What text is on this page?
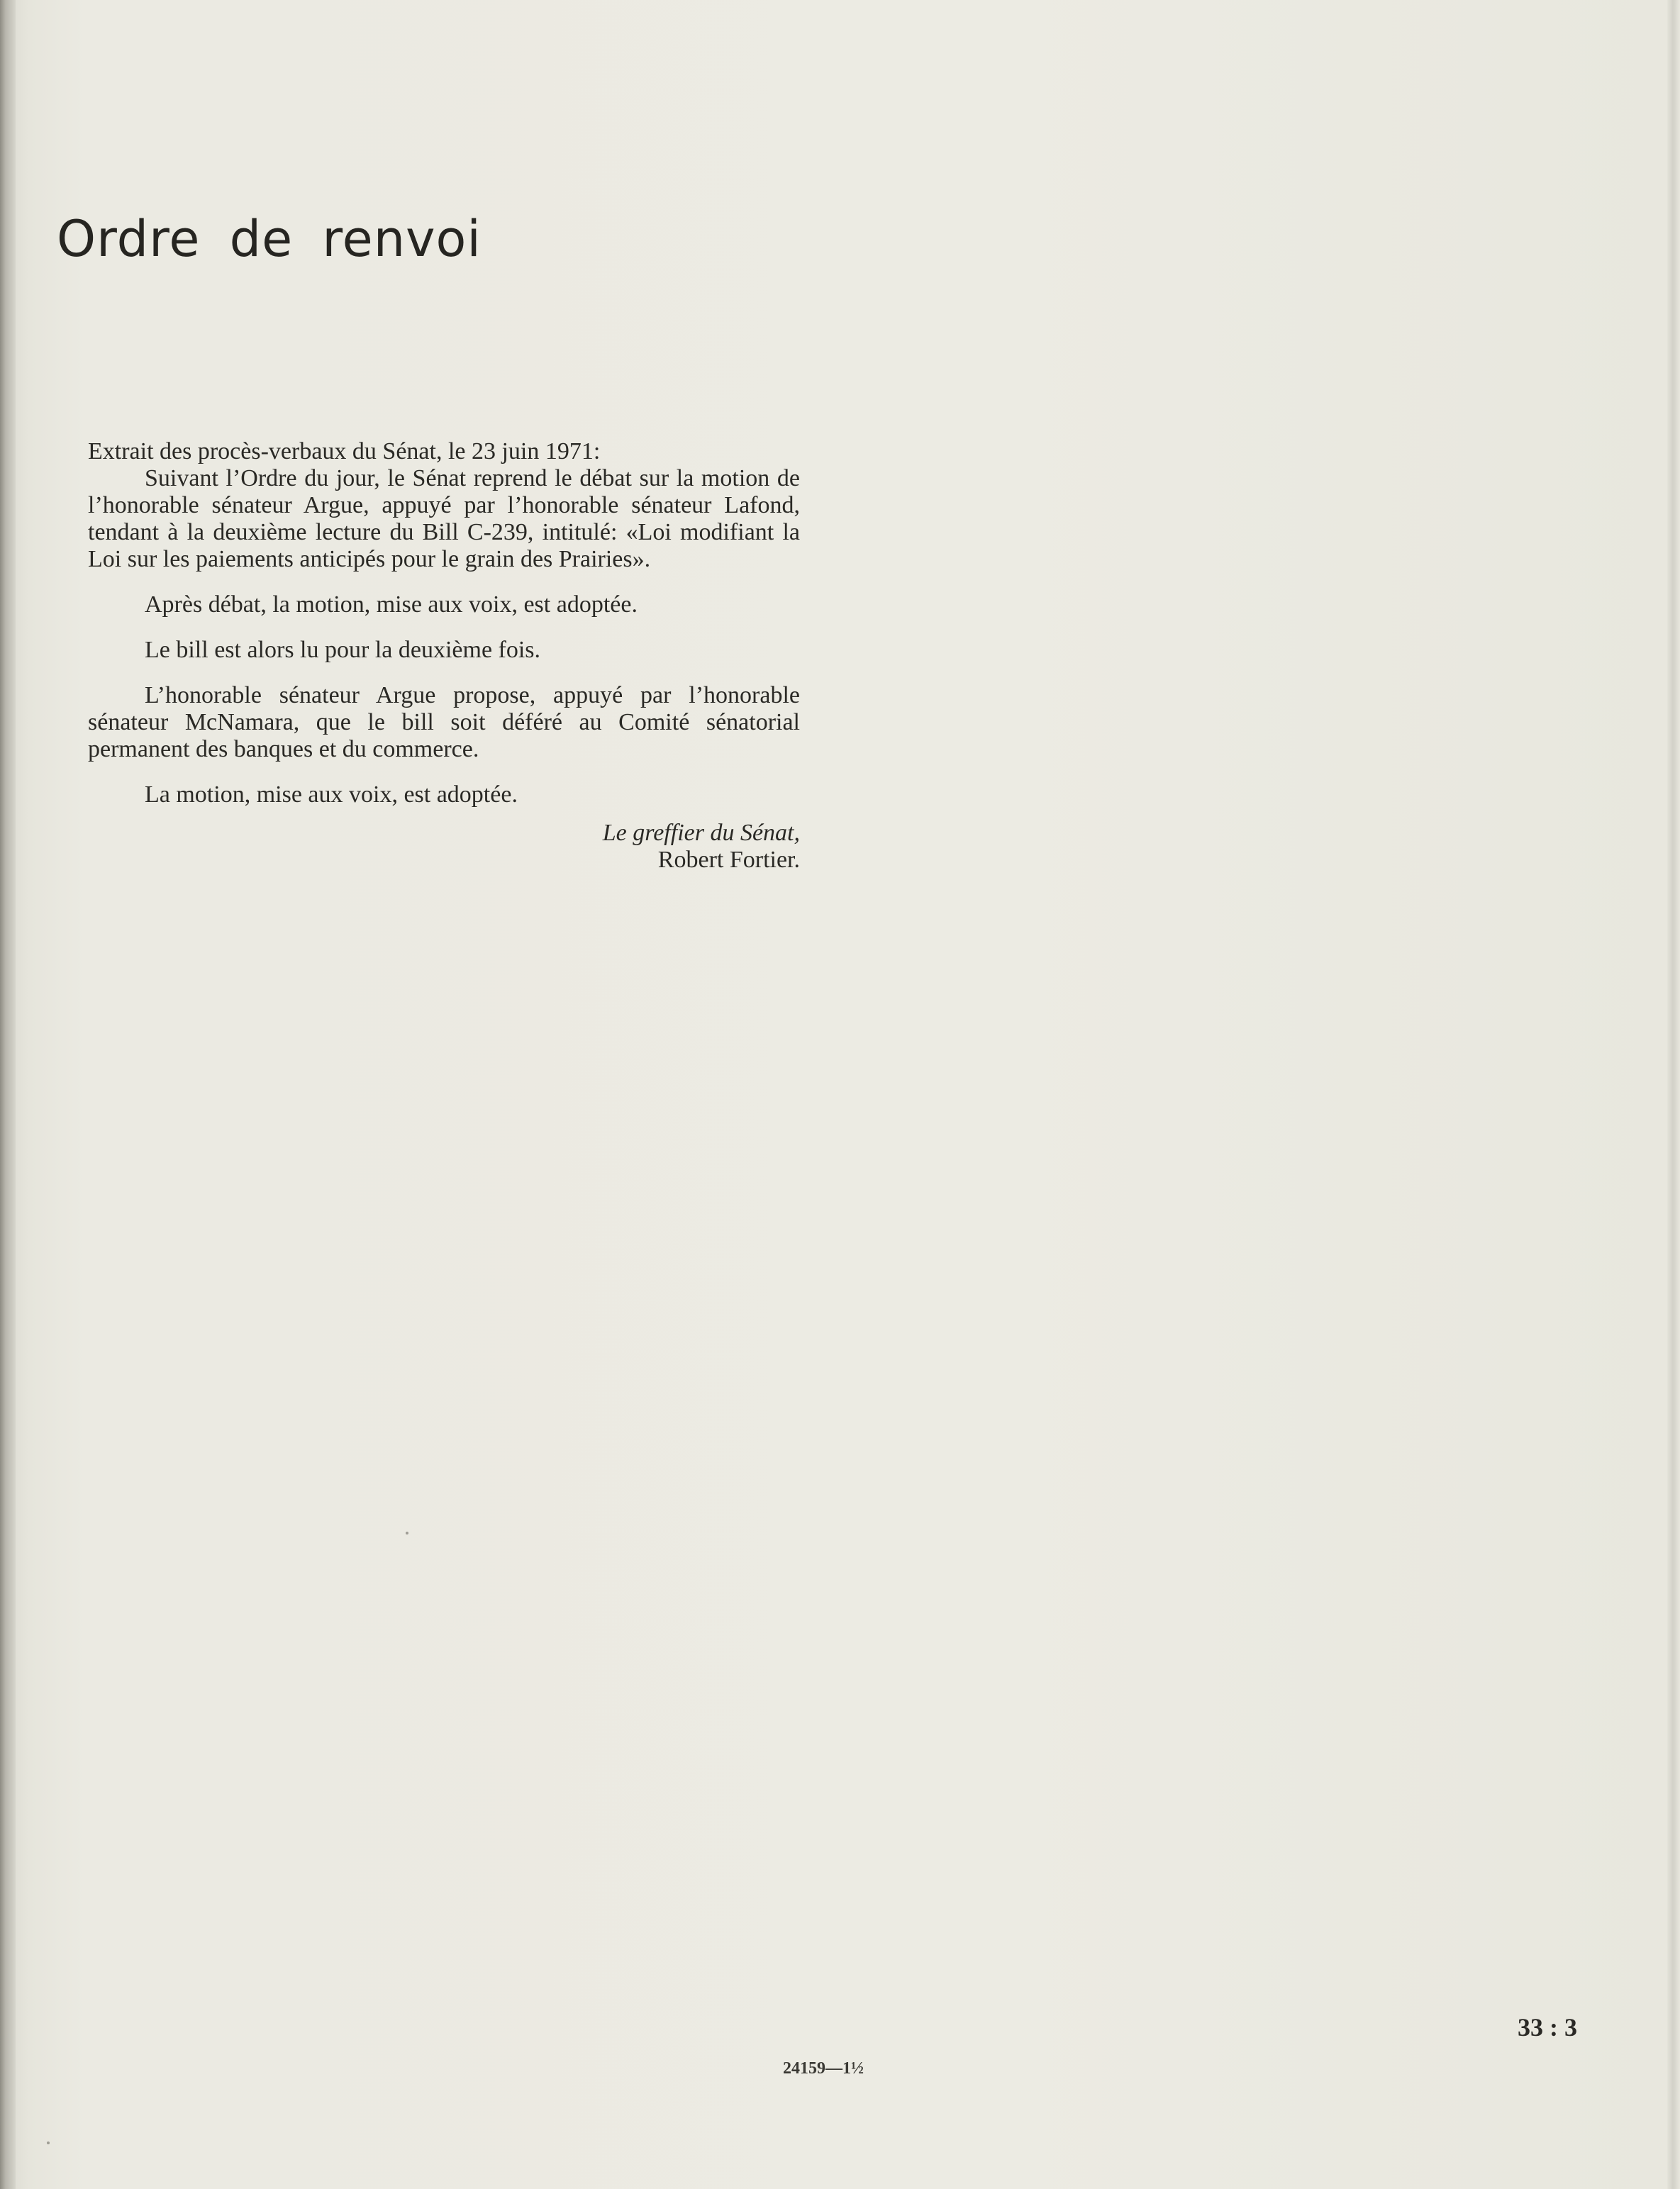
Ordre de renvoi

Extrait des procès-verbaux du Sénat, le 23 juin 1971:

Suivant l’Ordre du jour, le Sénat reprend le débat sur la motion de l’honorable sénateur Argue, appuyé par l’honorable sénateur Lafond, tendant à la deuxième lecture du Bill C-239, intitulé: «Loi modifiant la Loi sur les paiements anticipés pour le grain des Prairies».

Après débat, la motion, mise aux voix, est adoptée.

Le bill est alors lu pour la deuxième fois.

L’honorable sénateur Argue propose, appuyé par l’honorable sénateur McNamara, que le bill soit déféré au Comité sénatorial permanent des banques et du commerce.

La motion, mise aux voix, est adoptée.

Le greffier du Sénat,
Robert Fortier.

33 : 3
24159—1½
